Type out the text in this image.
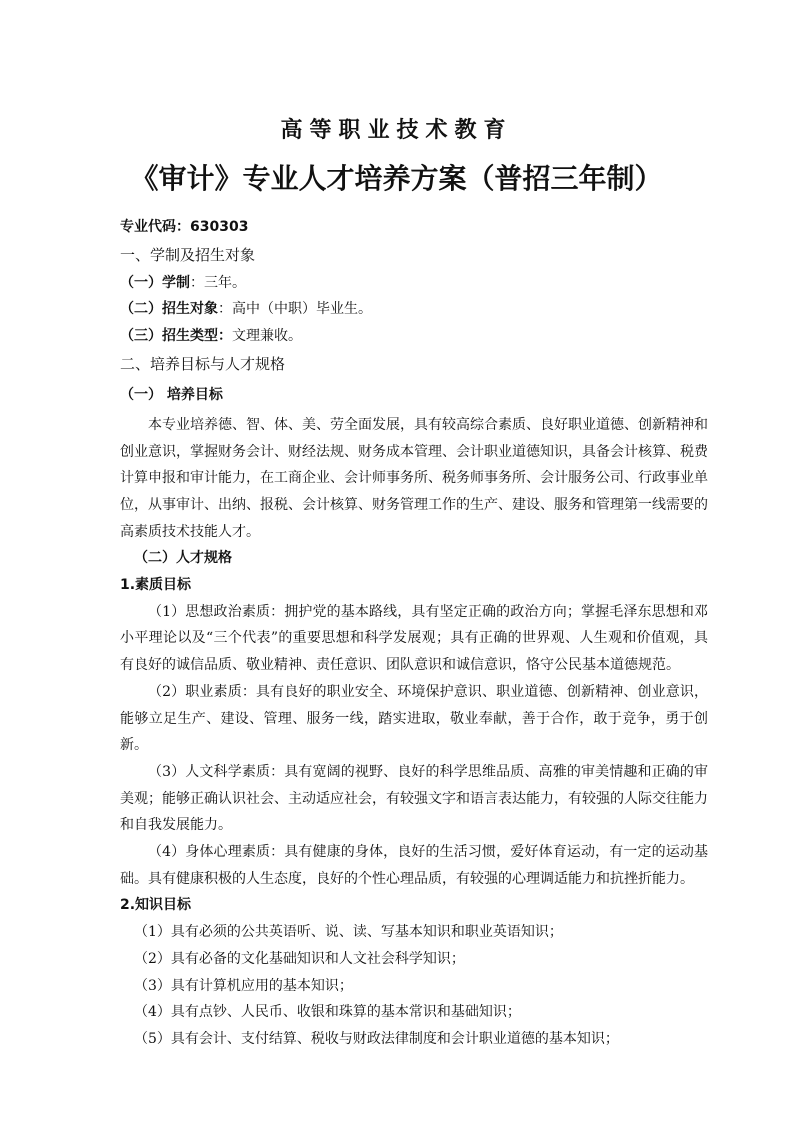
高等职业技术教育
《审计》专业人才培养方案（普招三年制）

专业代码：630303

一、学制及招生对象

（一）学制：三年。

（二）招生对象：高中（中职）毕业生。

（三）招生类型：文理兼收。

二、培养目标与人才规格

（一） 培养目标

本专业培养德、智、体、美、劳全面发展，具有较高综合素质、良好职业道德、创新精神和创业意识，掌握财务会计、财经法规、财务成本管理、会计职业道德知识，具备会计核算、税费计算申报和审计能力，在工商企业、会计师事务所、税务师事务所、会计服务公司、行政事业单位，从事审计、出纳、报税、会计核算、财务管理工作的生产、建设、服务和管理第一线需要的高素质技术技能人才。

（二）人才规格

1.素质目标

（1）思想政治素质：拥护党的基本路线，具有坚定正确的政治方向；掌握毛泽东思想和邓小平理论以及“三个代表”的重要思想和科学发展观；具有正确的世界观、人生观和价值观，具有良好的诚信品质、敬业精神、责任意识、团队意识和诚信意识，恪守公民基本道德规范。

（2）职业素质：具有良好的职业安全、环境保护意识、职业道德、创新精神、创业意识，能够立足生产、建设、管理、服务一线，踏实进取，敬业奉献，善于合作，敢于竞争，勇于创新。

（3）人文科学素质：具有宽阔的视野、良好的科学思维品质、高雅的审美情趣和正确的审美观；能够正确认识社会、主动适应社会，有较强文字和语言表达能力，有较强的人际交往能力和自我发展能力。

（4）身体心理素质：具有健康的身体，良好的生活习惯，爱好体育运动，有一定的运动基础。具有健康积极的人生态度，良好的个性心理品质，有较强的心理调适能力和抗挫折能力。

2.知识目标

（1）具有必须的公共英语听、说、读、写基本知识和职业英语知识；

（2）具有必备的文化基础知识和人文社会科学知识；

（3）具有计算机应用的基本知识；

（4）具有点钞、人民币、收银和珠算的基本常识和基础知识；

（5）具有会计、支付结算、税收与财政法律制度和会计职业道德的基本知识；
